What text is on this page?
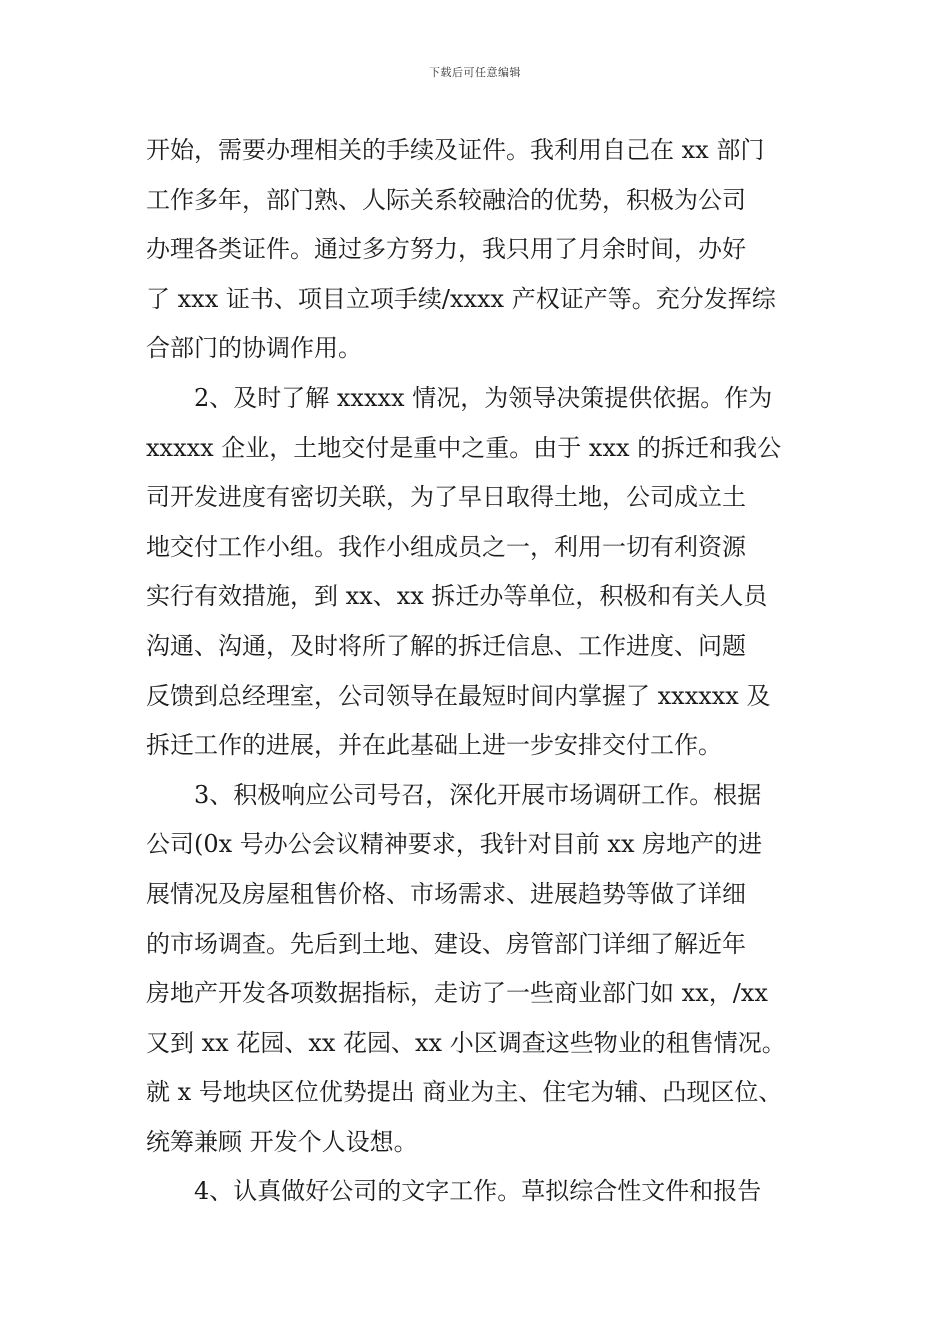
下载后可任意编辑
开始，需要办理相关的手续及证件。我利用自己在 xx 部门
工作多年，部门熟、人际关系较融洽的优势，积极为公司
办理各类证件。通过多方努力，我只用了月余时间，办好
了 xxx 证书、项目立项手续/xxxx 产权证产等。充分发挥综
合部门的协调作用。
2、及时了解 xxxxx 情况，为领导决策提供依据。作为
xxxxx 企业，土地交付是重中之重。由于 xxx 的拆迁和我公
司开发进度有密切关联，为了早日取得土地，公司成立土
地交付工作小组。我作小组成员之一，利用一切有利资源
实行有效措施，到 xx、xx 拆迁办等单位，积极和有关人员
沟通、沟通，及时将所了解的拆迁信息、工作进度、问题
反馈到总经理室，公司领导在最短时间内掌握了 xxxxxx 及
拆迁工作的进展，并在此基础上进一步安排交付工作。
3、积极响应公司号召，深化开展市场调研工作。根据
公司(0x 号办公会议精神要求，我针对目前 xx 房地产的进
展情况及房屋租售价格、市场需求、进展趋势等做了详细
的市场调查。先后到土地、建设、房管部门详细了解近年
房地产开发各项数据指标，走访了一些商业部门如 xx，/xx
又到 xx 花园、xx 花园、xx 小区调查这些物业的租售情况。
就 x 号地块区位优势提出 商业为主、住宅为辅、凸现区位、
统筹兼顾 开发个人设想。
4、认真做好公司的文字工作。草拟综合性文件和报告
